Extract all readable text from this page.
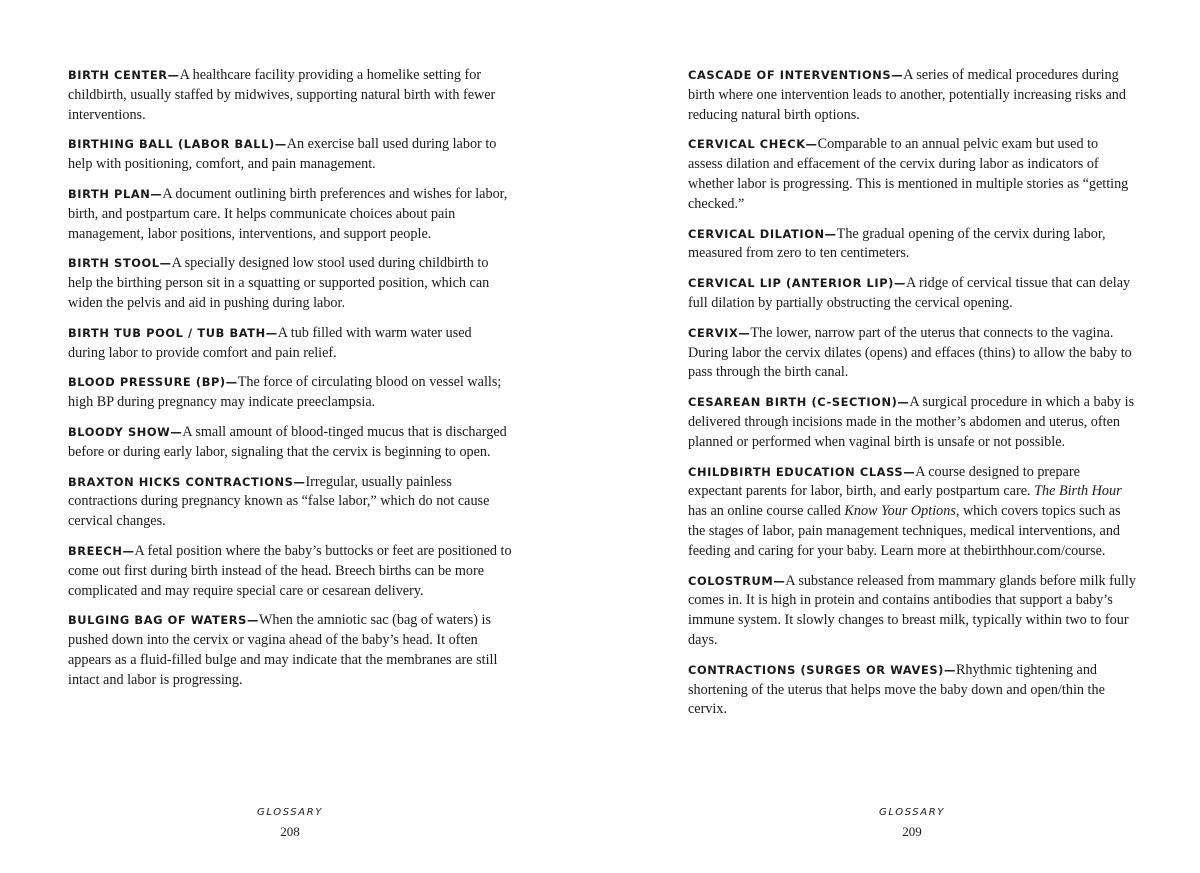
BIRTH CENTER—A healthcare facility providing a homelike setting for childbirth, usually staffed by midwives, supporting natural birth with fewer interventions.

BIRTHING BALL (LABOR BALL)—An exercise ball used during labor to help with positioning, comfort, and pain management.

BIRTH PLAN—A document outlining birth preferences and wishes for labor, birth, and postpartum care. It helps communicate choices about pain management, labor positions, interventions, and support people.

BIRTH STOOL—A specially designed low stool used during childbirth to help the birthing person sit in a squatting or supported position, which can widen the pelvis and aid in pushing during labor.

BIRTH TUB POOL / TUB BATH—A tub filled with warm water used during labor to provide comfort and pain relief.

BLOOD PRESSURE (BP)—The force of circulating blood on vessel walls; high BP during pregnancy may indicate preeclampsia.

BLOODY SHOW—A small amount of blood-tinged mucus that is discharged before or during early labor, signaling that the cervix is beginning to open.

BRAXTON HICKS CONTRACTIONS—Irregular, usually painless contractions during pregnancy known as “false labor,” which do not cause cervical changes.

BREECH—A fetal position where the baby’s buttocks or feet are positioned to come out first during birth instead of the head. Breech births can be more complicated and may require special care or cesarean delivery.

BULGING BAG OF WATERS—When the amniotic sac (bag of waters) is pushed down into the cervix or vagina ahead of the baby’s head. It often appears as a fluid-filled bulge and may indicate that the membranes are still intact and labor is progressing.

GLOSSARY
208

CASCADE OF INTERVENTIONS—A series of medical procedures during birth where one intervention leads to another, potentially increasing risks and reducing natural birth options.

CERVICAL CHECK—Comparable to an annual pelvic exam but used to assess dilation and effacement of the cervix during labor as indicators of whether labor is progressing. This is mentioned in multiple stories as “getting checked.”

CERVICAL DILATION—The gradual opening of the cervix during labor, measured from zero to ten centimeters.

CERVICAL LIP (ANTERIOR LIP)—A ridge of cervical tissue that can delay full dilation by partially obstructing the cervical opening.

CERVIX—The lower, narrow part of the uterus that connects to the vagina. During labor the cervix dilates (opens) and effaces (thins) to allow the baby to pass through the birth canal.

CESAREAN BIRTH (C-SECTION)—A surgical procedure in which a baby is delivered through incisions made in the mother’s abdomen and uterus, often planned or performed when vaginal birth is unsafe or not possible.

CHILDBIRTH EDUCATION CLASS—A course designed to prepare expectant parents for labor, birth, and early postpartum care. The Birth Hour has an online course called Know Your Options, which covers topics such as the stages of labor, pain management techniques, medical interventions, and feeding and caring for your baby. Learn more at thebirthhour.com/course.

COLOSTRUM—A substance released from mammary glands before milk fully comes in. It is high in protein and contains antibodies that support a baby’s immune system. It slowly changes to breast milk, typically within two to four days.

CONTRACTIONS (SURGES OR WAVES)—Rhythmic tightening and shortening of the uterus that helps move the baby down and open/thin the cervix.

GLOSSARY
209
